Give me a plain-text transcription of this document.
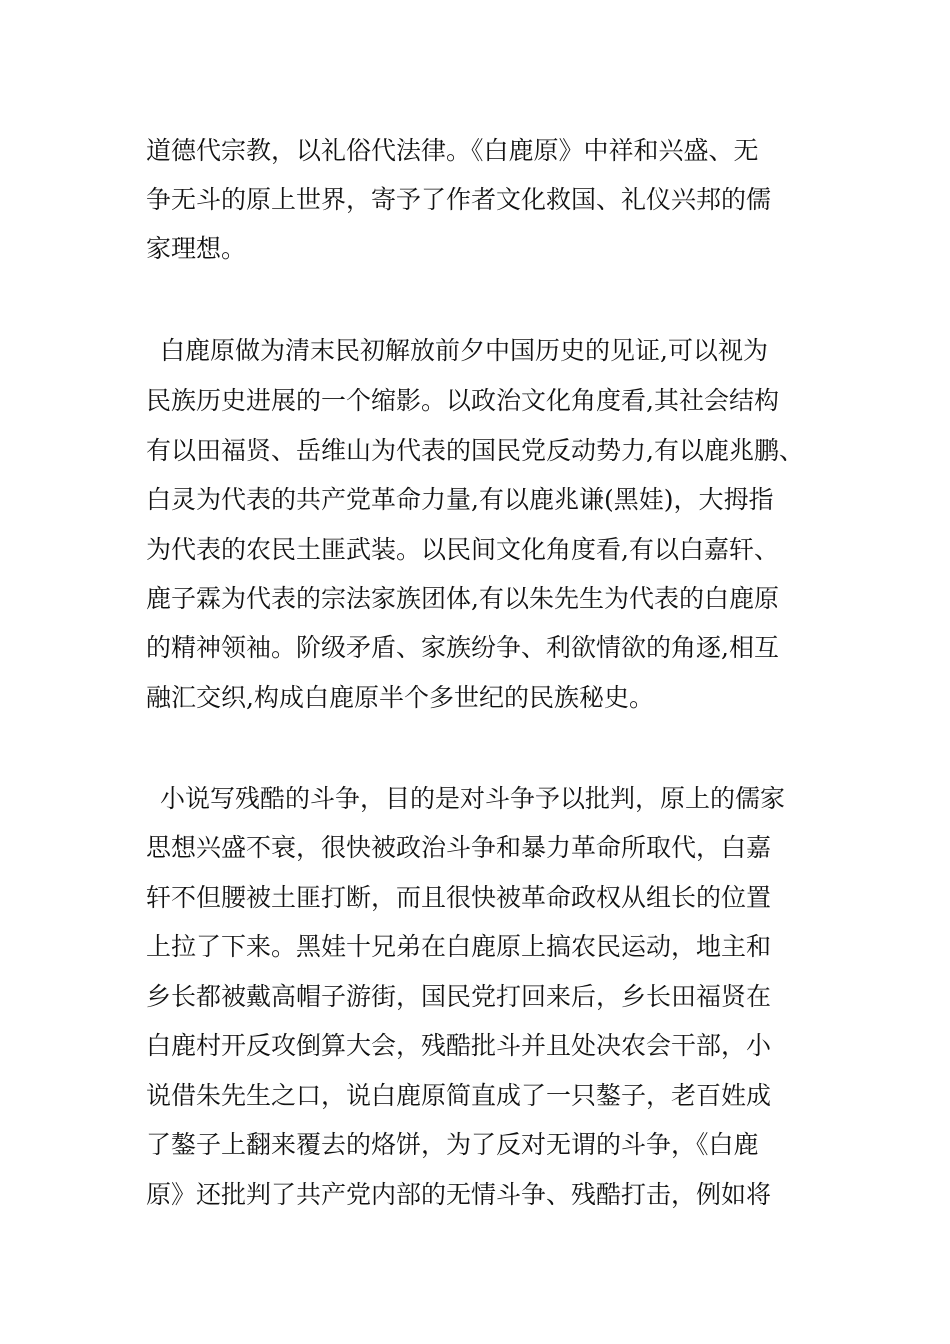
道德代宗教，以礼俗代法律。《白鹿原》中祥和兴盛、无
争无斗的原上世界，寄予了作者文化救国、礼仪兴邦的儒
家理想。
白鹿原做为清末民初解放前夕中国历史的见证,可以视为
民族历史进展的一个缩影。以政治文化角度看,其社会结构
有以田福贤、岳维山为代表的国民党反动势力,有以鹿兆鹏、
白灵为代表的共产党革命力量,有以鹿兆谦(黑娃)，大拇指
为代表的农民土匪武装。以民间文化角度看,有以白嘉轩、
鹿子霖为代表的宗法家族团体,有以朱先生为代表的白鹿原
的精神领袖。阶级矛盾、家族纷争、利欲情欲的角逐,相互
融汇交织,构成白鹿原半个多世纪的民族秘史。
小说写残酷的斗争，目的是对斗争予以批判，原上的儒家
思想兴盛不衰，很快被政治斗争和暴力革命所取代，白嘉
轩不但腰被土匪打断，而且很快被革命政权从组长的位置
上拉了下来。黑娃十兄弟在白鹿原上搞农民运动，地主和
乡长都被戴高帽子游街，国民党打回来后，乡长田福贤在
白鹿村开反攻倒算大会，残酷批斗并且处决农会干部，小
说借朱先生之口，说白鹿原简直成了一只鏊子，老百姓成
了鏊子上翻来覆去的烙饼，为了反对无谓的斗争，《白鹿
原》还批判了共产党内部的无情斗争、残酷打击，例如将
